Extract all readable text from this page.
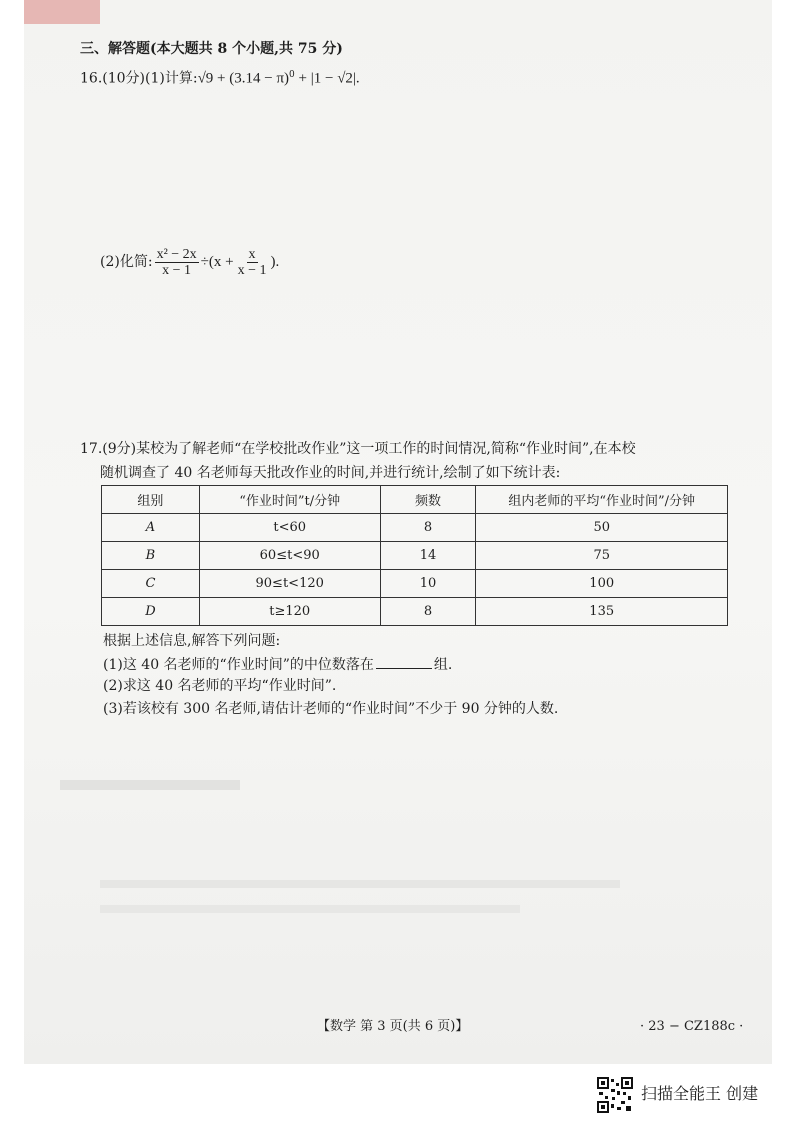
三、解答题(本大题共 8 个小题,共 75 分)
16.(10分)(1)计算:√9 + $(3.14 - \pi)^0 + |1 - √2|$.
(2)化简: $\frac{\text{x² − 2x}}{x - 1} \div(x + \frac{x}{x - 1}$ ).
17.(9分)某校为了解老师“在学校批改作业”这一项工作的时间情况,简称“作业时间”,在本校
随机调查了 40 名老师每天批改作业的时间,并进行统计,绘制了如下统计表:
组别	“作业时间”t/分钟	频数	组内老师的平均“作业时间”/分钟
A	t<60	8	50
B	60≤t<90	14	75
C	90≤t<120	10	100
D	t≥120	8	135
根据上述信息,解答下列问题:
(1)这 40 名老师的“作业时间”的中位数落在	组.
(2)求这 40 名老师的平均“作业时间”.
(3)若该校有 300 名老师,请估计老师的“作业时间”不少于 90 分钟的人数.
【数学 第 3 页(共 6 页)】	· 23 − CZ188c ·
扫描全能王 创建
